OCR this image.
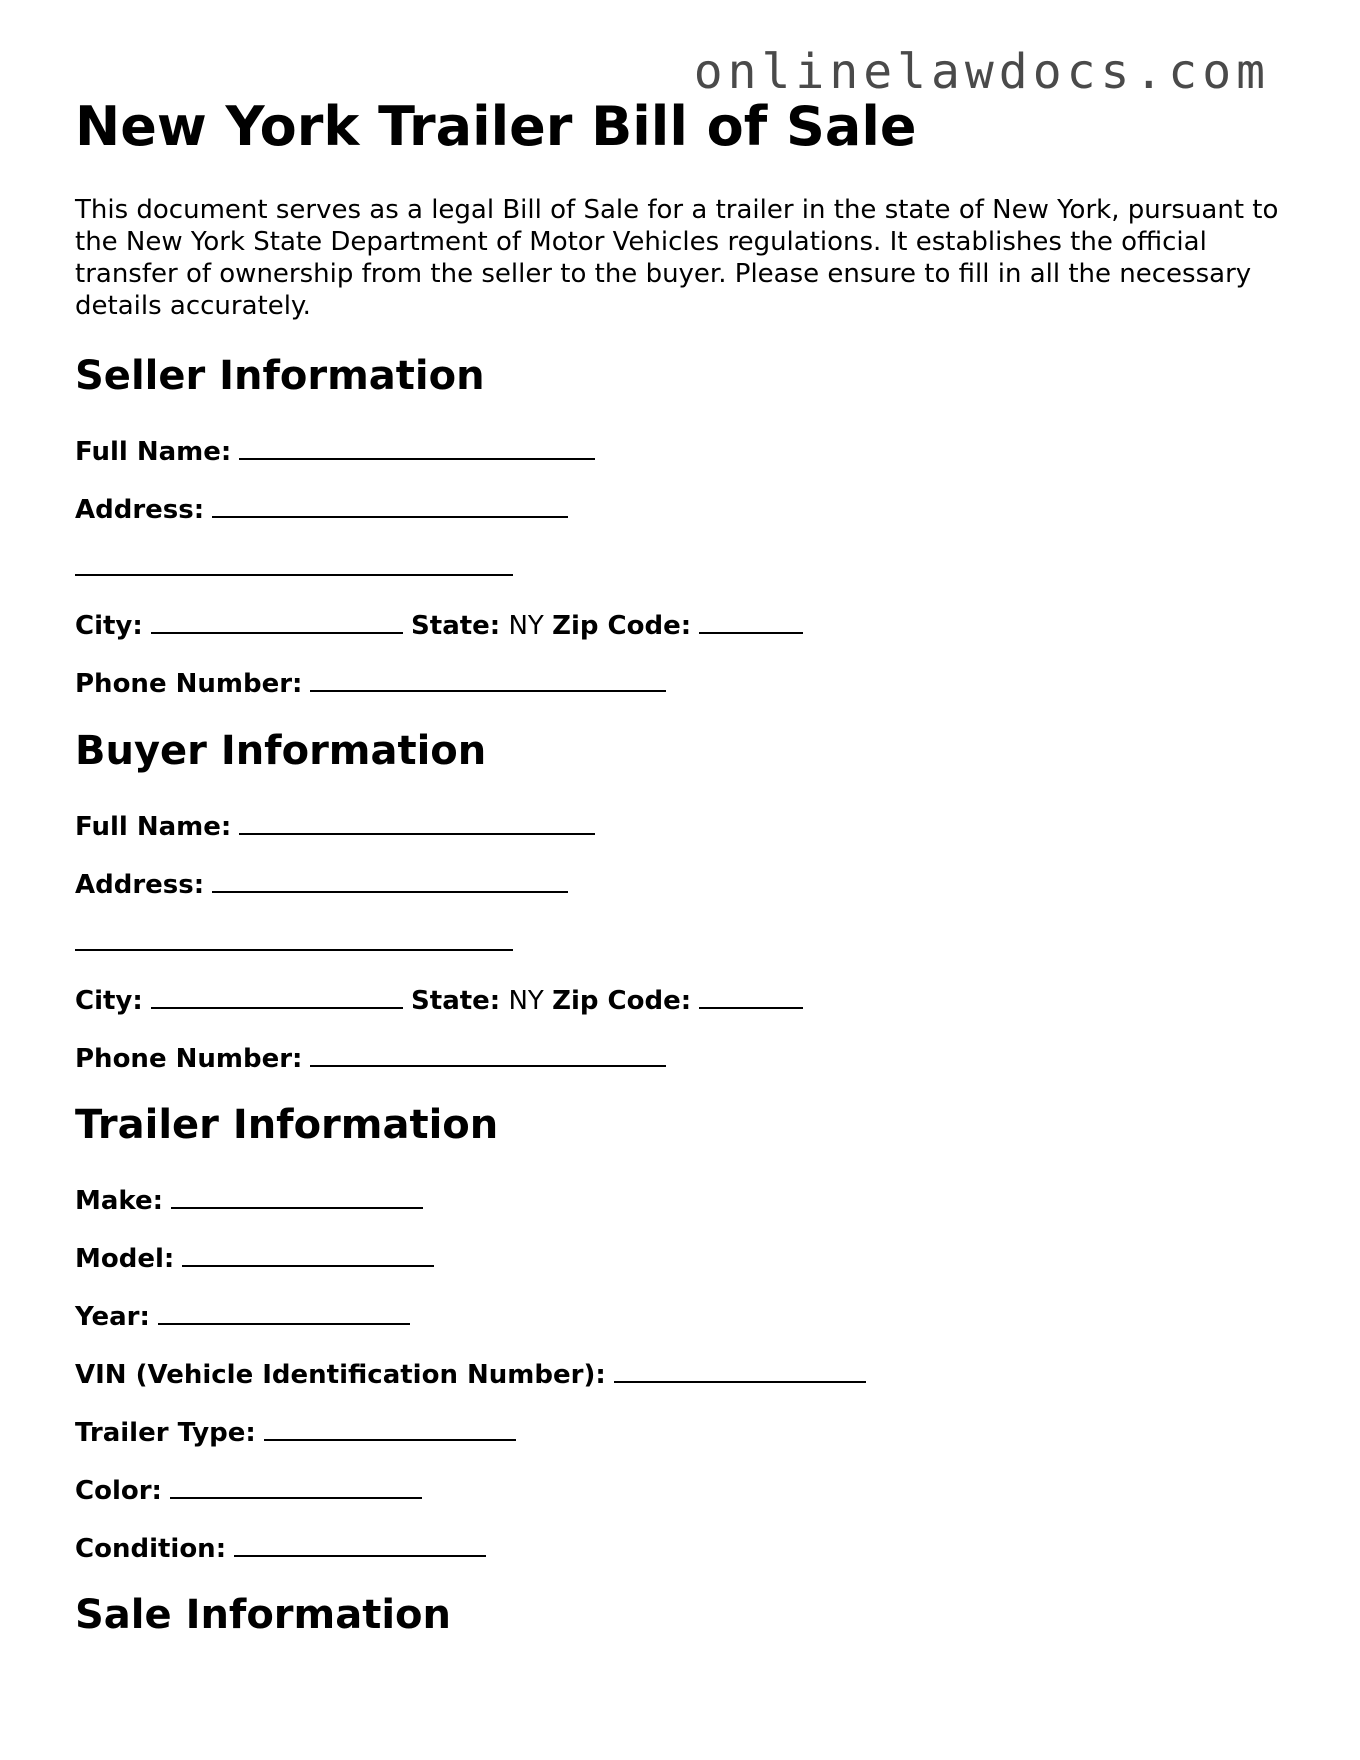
onlinelawdocs.com
New York Trailer Bill of Sale

This document serves as a legal Bill of Sale for a trailer in the state of New York, pursuant to the New York State Department of Motor Vehicles regulations. It establishes the official transfer of ownership from the seller to the buyer. Please ensure to fill in all the necessary details accurately.

Seller Information
Full Name:
Address:
City:	State: NY Zip Code:
Phone Number:
Buyer Information
Full Name:
Address:
City:	State: NY Zip Code:
Phone Number:
Trailer Information
Make:
Model:
Year:
VIN (Vehicle Identification Number):
Trailer Type:
Color:
Condition:
Sale Information
